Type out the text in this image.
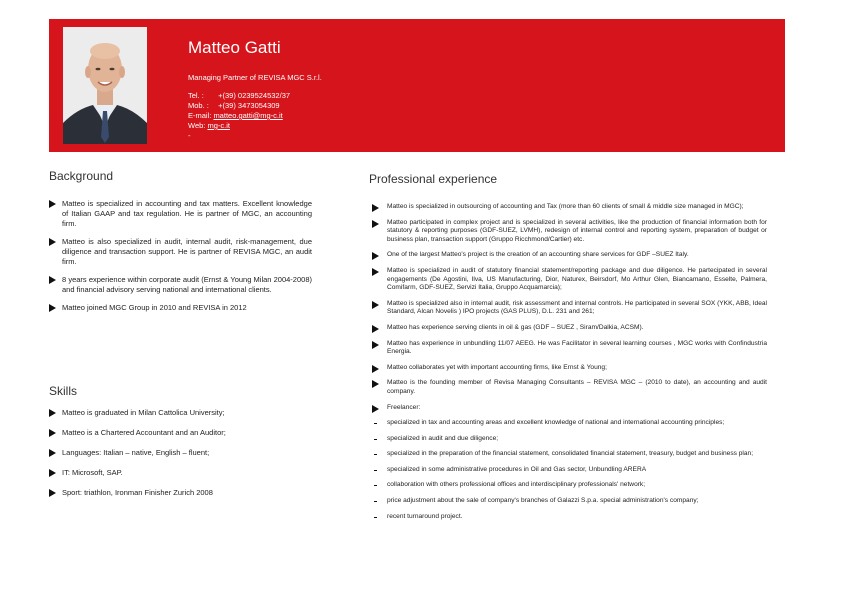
Matteo Gatti
Managing Partner of REVISA MGC S.r.l.
Tel. : +(39) 0239524532/37
Mob. : +(39) 3473054309
E-mail: matteo.gatti@mg-c.it
Web: mg-c.it
-
Background
Matteo is specialized in accounting and tax matters. Excellent knowledge of Italian GAAP and tax regulation. He is partner of MGC, an accounting firm.
Matteo is also specialized in audit, internal audit, risk-management, due diligence and transaction support. He is partner of REVISA MGC, an audit firm.
8 years experience within corporate audit (Ernst & Young Milan 2004-2008) and financial advisory serving national and international clients.
Matteo joined MGC Group in 2010 and REVISA in 2012
Skills
Matteo is graduated in Milan Cattolica University;
Matteo is a Chartered Accountant and an Auditor;
Languages: Italian – native, English – fluent;
IT: Microsoft, SAP.
Sport: triathlon, Ironman Finisher Zurich 2008
Professional experience
Matteo is specialized in outsourcing of accounting and Tax (more than 60 clients of small & middle size managed in MGC);
Matteo participated in complex project and is specialized in several activities, like the production of financial information both for statutory & reporting purposes (GDF-SUEZ, LVMH), redesign of internal control and reporting system, preparation of budget or business plan, transaction support (Gruppo Ricchmond/Cartier) etc.
One of the largest Matteo's project is the creation of an accounting share services for GDF –SUEZ Italy.
Matteo is specialized in audit of statutory financial statement/reporting package and due diligence. He partecipated in several engagements (De Agostini, Ilva, US Manufacturing, Dior, Naturex, Beirsdorf, Mo Arthur Glen, Biancamano, Esselte, Palmera, Comifarm, GDF-SUEZ, Servizi Italia, Gruppo Acquamarcia);
Matteo is specialized also in internal audit, risk assessment and internal controls. He participated in several SOX (YKK, ABB, Ideal Standard, Alcan Novelis ) IPO projects (GAS PLUS), D.L. 231 and 261;
Matteo has experience serving clients in oil & gas (GDF – SUEZ , Siram/Dalkia, ACSM).
Matteo has experience in unbundling 11/07 AEEG. He was Facilitator in several learning courses , MGC works with Confindustria Energia.
Matteo collaborates yet with important accounting firms, like Ernst & Young;
Matteo is the founding member of Revisa Managing Consultants – REVISA MGC – (2010 to date), an accounting and audit company.
Freelancer:
specialized in tax and accounting areas and excellent knowledge of national and international accounting principles;
specialized in audit and due diligence;
specialized in the preparation of the financial statement, consolidated financial statement, treasury, budget and business plan;
specialized in some administrative procedures in Oil and Gas sector, Unbundling ARERA
collaboration with others professional offices and interdisciplinary professionals' network;
price adjustment about the sale of company's branches of Galazzi S.p.a. special administration's company;
recent turnaround project.
